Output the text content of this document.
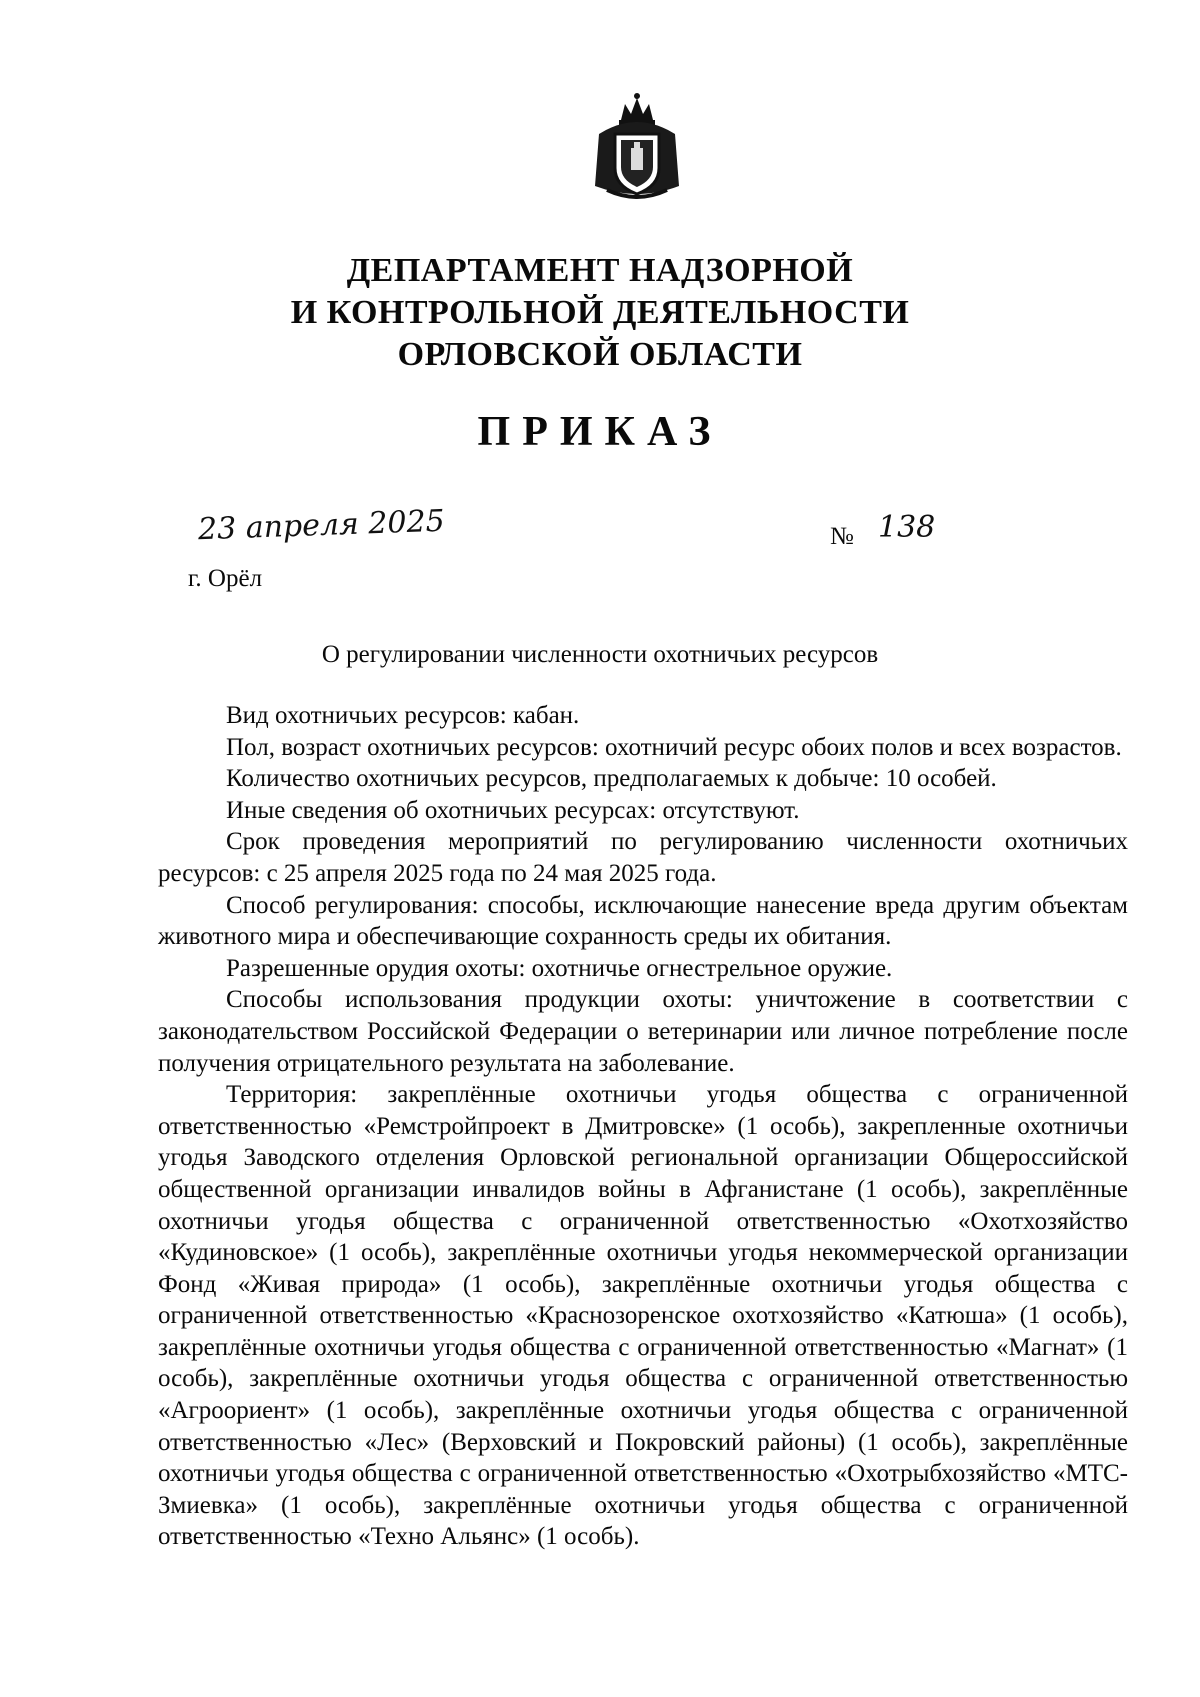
ДЕПАРТАМЕНТ НАДЗОРНОЙ
И КОНТРОЛЬНОЙ ДЕЯТЕЛЬНОСТИ
ОРЛОВСКОЙ ОБЛАСТИ
ПРИКАЗ
23 апреля 2025	№ 138
г. Орёл
О регулировании численности охотничьих ресурсов

Вид охотничьих ресурсов: кабан.

Пол, возраст охотничьих ресурсов: охотничий ресурс обоих полов и всех возрастов.

Количество охотничьих ресурсов, предполагаемых к добыче: 10 особей.

Иные сведения об охотничьих ресурсах: отсутствуют.

Срок проведения мероприятий по регулированию численности охотничьих ресурсов: с 25 апреля 2025 года по 24 мая 2025 года.

Способ регулирования: способы, исключающие нанесение вреда другим объектам животного мира и обеспечивающие сохранность среды их обитания.

Разрешенные орудия охоты: охотничье огнестрельное оружие.

Способы использования продукции охоты: уничтожение в соответствии с законодательством Российской Федерации о ветеринарии или личное потребление после получения отрицательного результата на заболевание.

Территория: закреплённые охотничьи угодья общества с ограниченной ответственностью «Ремстройпроект в Дмитровске» (1 особь), закрепленные охотничьи угодья Заводского отделения Орловской региональной организации Общероссийской общественной организации инвалидов войны в Афганистане (1 особь), закреплённые охотничьи угодья общества с ограниченной ответственностью «Охотхозяйство «Кудиновское» (1 особь), закреплённые охотничьи угодья некоммерческой организации Фонд «Живая природа» (1 особь), закреплённые охотничьи угодья общества с ограниченной ответственностью «Краснозоренское охотхозяйство «Катюша» (1 особь), закреплённые охотничьи угодья общества с ограниченной ответственностью «Магнат» (1 особь), закреплённые охотничьи угодья общества с ограниченной ответственностью «Агроориент» (1 особь), закреплённые охотничьи угодья общества с ограниченной ответственностью «Лес» (Верховский и Покровский районы) (1 особь), закреплённые охотничьи угодья общества с ограниченной ответственностью «Охотрыбхозяйство «МТС-Змиевка» (1 особь), закреплённые охотничьи угодья общества с ограниченной ответственностью «Техно Альянс» (1 особь).
